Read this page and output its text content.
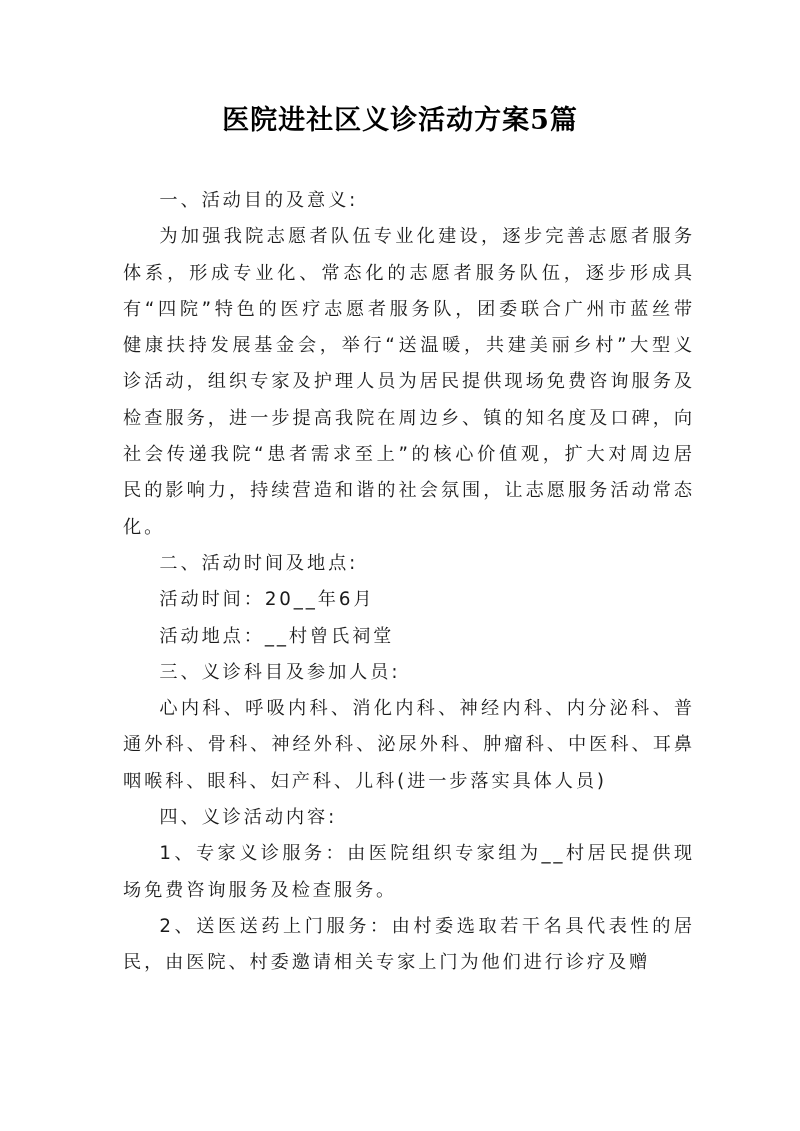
医院进社区义诊活动方案5篇

一、活动目的及意义:

为加强我院志愿者队伍专业化建设，逐步完善志愿者服务体系，形成专业化、常态化的志愿者服务队伍，逐步形成具有“四院”特色的医疗志愿者服务队，团委联合广州市蓝丝带健康扶持发展基金会，举行“送温暖，共建美丽乡村”大型义诊活动，组织专家及护理人员为居民提供现场免费咨询服务及检查服务，进一步提高我院在周边乡、镇的知名度及口碑，向社会传递我院“患者需求至上”的核心价值观，扩大对周边居民的影响力，持续营造和谐的社会氛围，让志愿服务活动常态化。

二、活动时间及地点:

活动时间：20__年6月

活动地点：__村曾氏祠堂

三、义诊科目及参加人员:

心内科、呼吸内科、消化内科、神经内科、内分泌科、普通外科、骨科、神经外科、泌尿外科、肿瘤科、中医科、耳鼻咽喉科、眼科、妇产科、儿科(进一步落实具体人员)

四、义诊活动内容:

1、专家义诊服务：由医院组织专家组为__村居民提供现场免费咨询服务及检查服务。

2、送医送药上门服务：由村委选取若干名具代表性的居民，由医院、村委邀请相关专家上门为他们进行诊疗及赠
